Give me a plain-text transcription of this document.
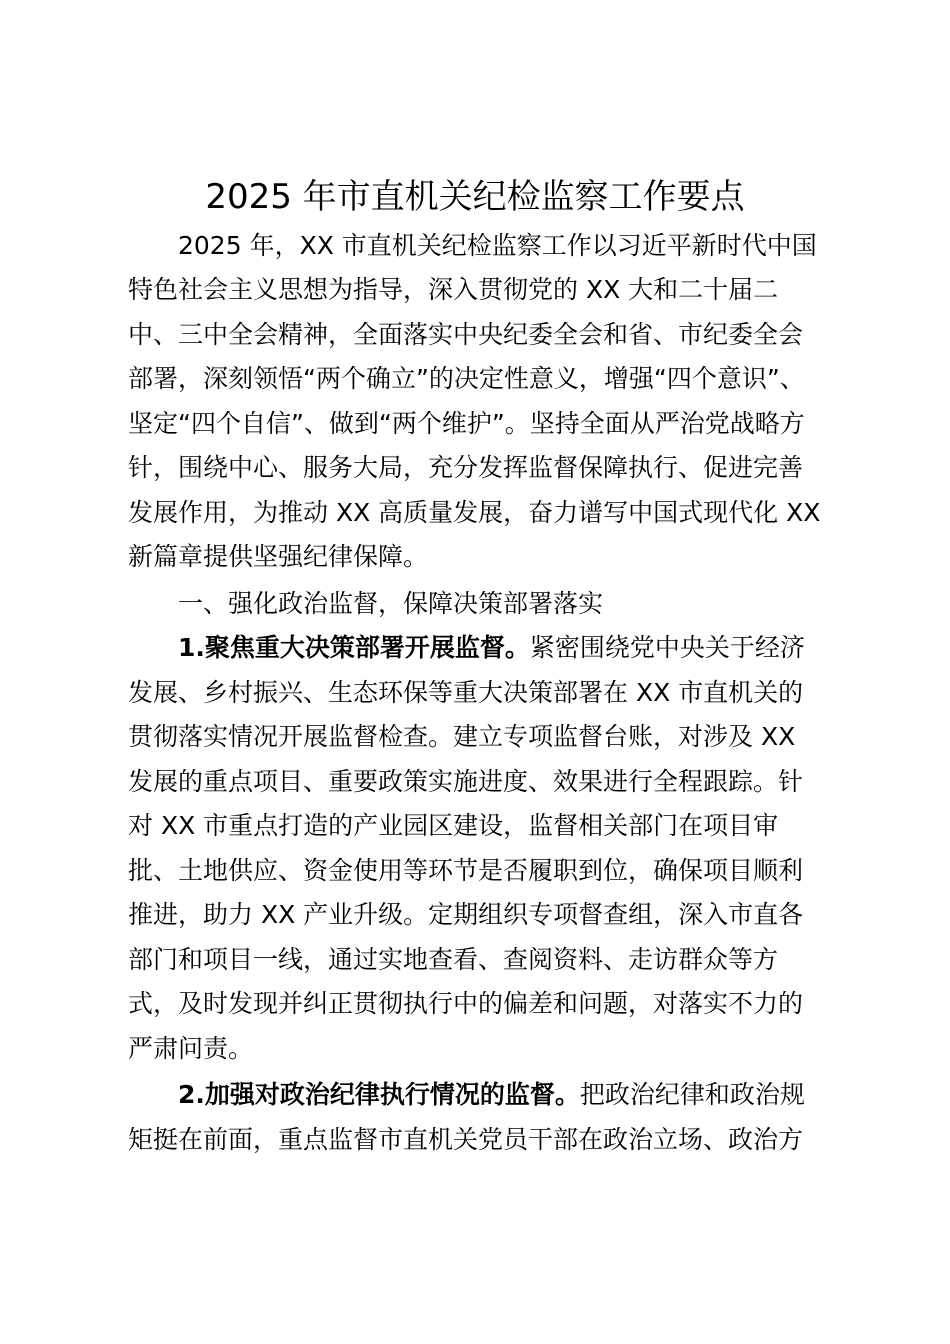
2025 年市直机关纪检监察工作要点

2025 年，XX 市直机关纪检监察工作以习近平新时代中国

特色社会主义思想为指导，深入贯彻党的 XX 大和二十届二

中、三中全会精神，全面落实中央纪委全会和省、市纪委全会

部署，深刻领悟“两个确立”的决定性意义，增强“四个意识”、

坚定“四个自信”、做到“两个维护”。坚持全面从严治党战略方

针，围绕中心、服务大局，充分发挥监督保障执行、促进完善

发展作用，为推动 XX 高质量发展，奋力谱写中国式现代化 XX

新篇章提供坚强纪律保障。

一、强化政治监督，保障决策部署落实

1.聚焦重大决策部署开展监督。紧密围绕党中央关于经济

发展、乡村振兴、生态环保等重大决策部署在 XX 市直机关的

贯彻落实情况开展监督检查。建立专项监督台账，对涉及 XX

发展的重点项目、重要政策实施进度、效果进行全程跟踪。针

对 XX 市重点打造的产业园区建设，监督相关部门在项目审

批、土地供应、资金使用等环节是否履职到位，确保项目顺利

推进，助力 XX 产业升级。定期组织专项督查组，深入市直各

部门和项目一线，通过实地查看、查阅资料、走访群众等方

式，及时发现并纠正贯彻执行中的偏差和问题，对落实不力的

严肃问责。

2.加强对政治纪律执行情况的监督。把政治纪律和政治规

矩挺在前面，重点监督市直机关党员干部在政治立场、政治方
